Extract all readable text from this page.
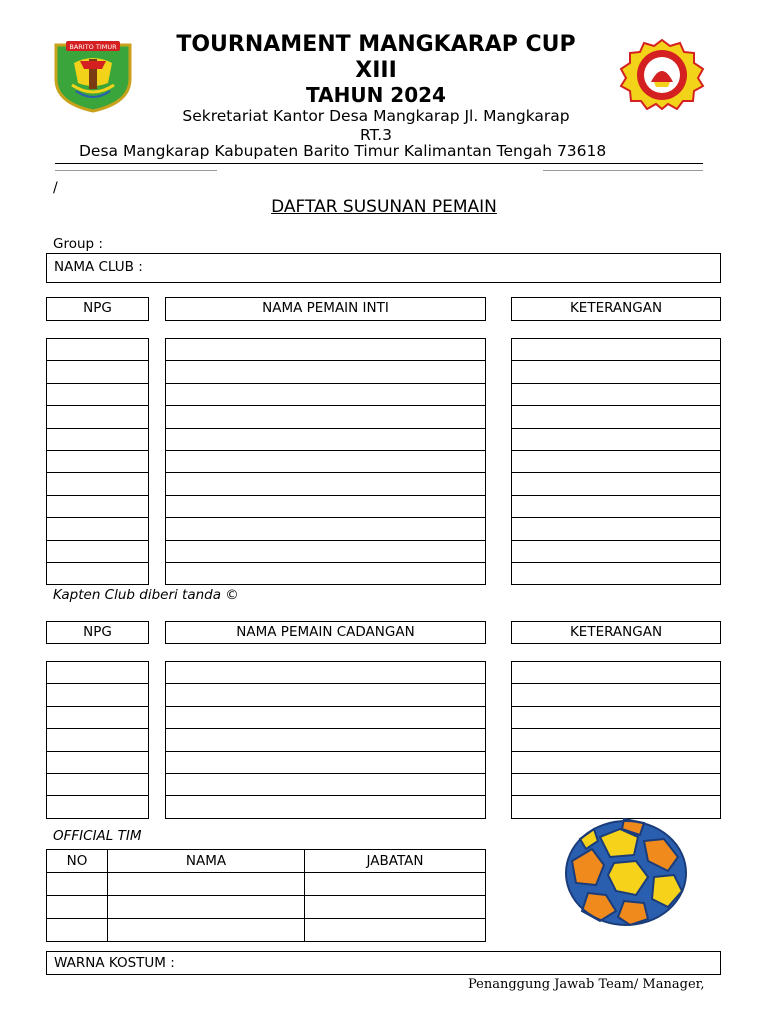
BARITO TIMUR	TOURNAMENT MANGKARAP CUP
XIII
TAHUN 2024
Sekretariat Kantor Desa Mangkarap Jl. Mangkarap
RT.3
Desa Mangkarap Kabupaten Barito Timur Kalimantan Tengah 73618
/
DAFTAR SUSUNAN PEMAIN
Group :
NAMA CLUB :
NPG	NAMA PEMAIN INTI	KETERANGAN
Kapten Club diberi tanda ©
NPG	NAMA PEMAIN CADANGAN	KETERANGAN
OFFICIAL TIM
NO	NAMA	JABATAN

WARNA KOSTUM :
Penanggung Jawab Team/ Manager,
